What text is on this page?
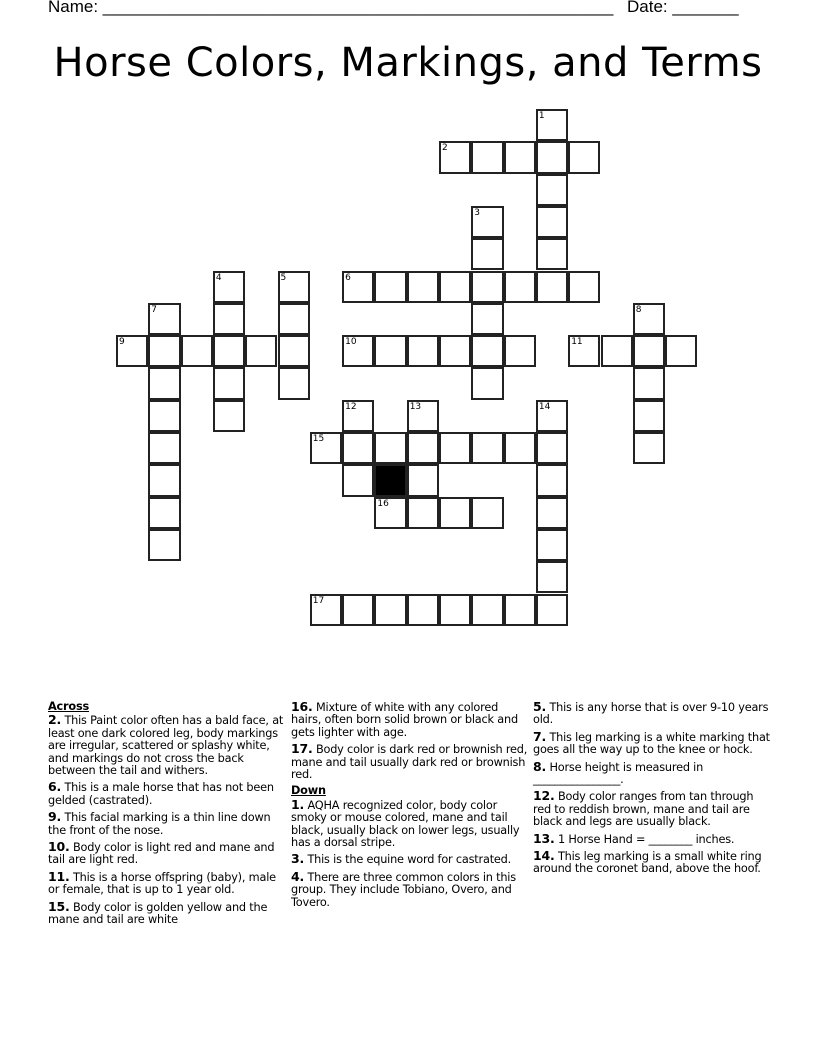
Name: ______________________________________________________ Date: _______
Horse Colors, Markings, and Terms
1
2
3
4	5	6
7	8
9	10	11
12	13	14
15
16
17
Across
2. This Paint color often has a bald face, at least one dark colored leg, body markings are irregular, scattered or splashy white, and markings do not cross the back between the tail and withers.
6. This is a male horse that has not been gelded (castrated).
9. This facial marking is a thin line down the front of the nose.
10. Body color is light red and mane and tail are light red.
11. This is a horse offspring (baby), male or female, that is up to 1 year old.
15. Body color is golden yellow and the mane and tail are white
16. Mixture of white with any colored hairs, often born solid brown or black and gets lighter with age.
17. Body color is dark red or brownish red, mane and tail usually dark red or brownish red.
Down
1. AQHA recognized color, body color smoky or mouse colored, mane and tail black, usually black on lower legs, usually has a dorsal stripe.
3. This is the equine word for castrated.
4. There are three common colors in this group. They include Tobiano, Overo, and Tovero.
5. This is any horse that is over 9-10 years old.
7. This leg marking is a white marking that goes all the way up to the knee or hock.
8. Horse height is measured in ________________.
12. Body color ranges from tan through red to reddish brown, mane and tail are black and legs are usually black.
13. 1 Horse Hand = ________ inches.
14. This leg marking is a small white ring around the coronet band, above the hoof.
